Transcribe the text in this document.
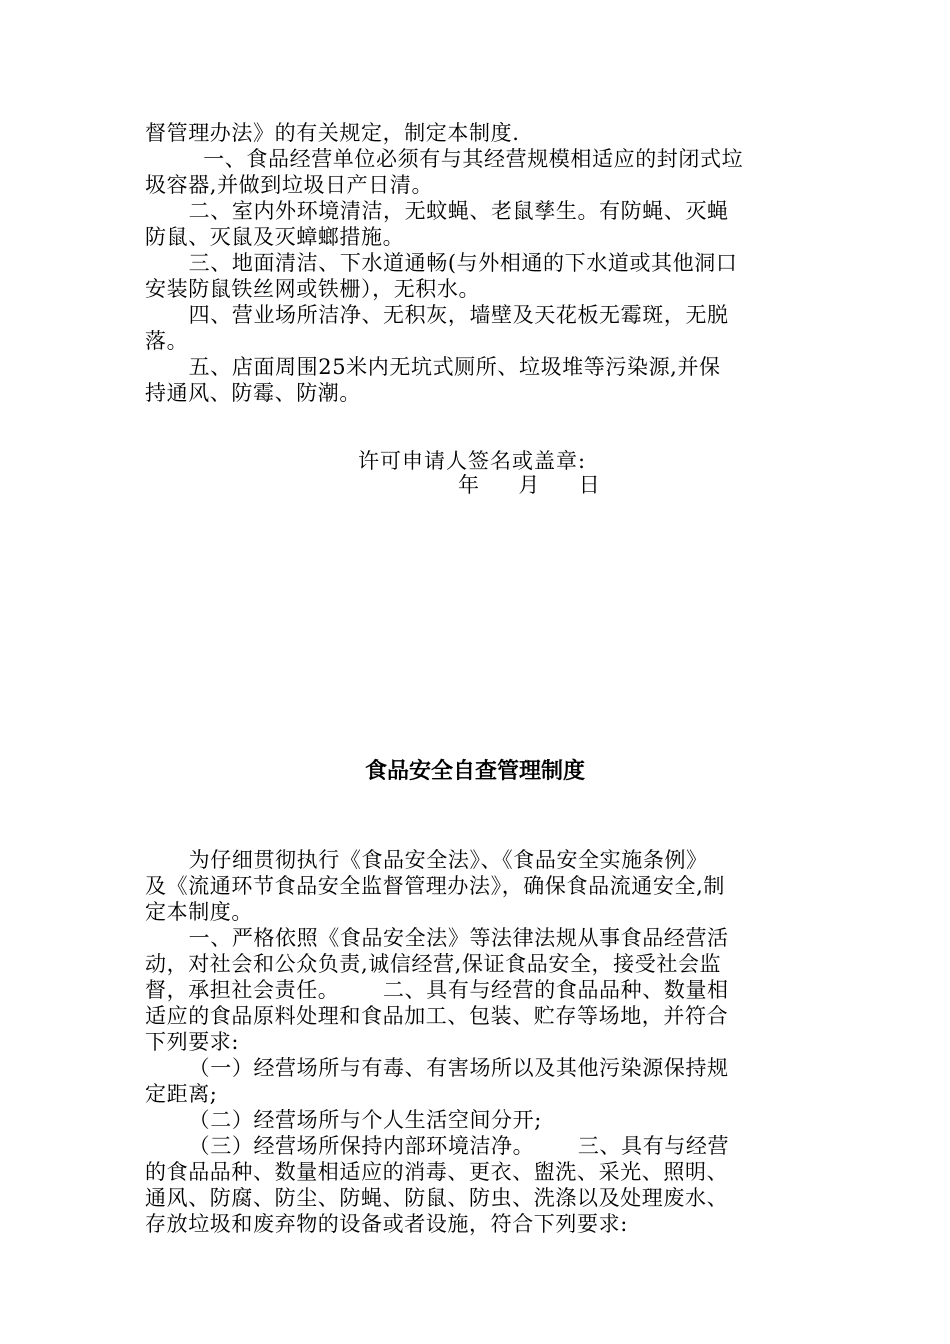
督管理办法》的有关规定，制定本制度.
一、食品经营单位必须有与其经营规模相适应的封闭式垃
圾容器,并做到垃圾日产日清。
二、室内外环境清洁，无蚊蝇、老鼠孳生。有防蝇、灭蝇
防鼠、灭鼠及灭蟑螂措施。
三、地面清洁、下水道通畅(与外相通的下水道或其他洞口
安装防鼠铁丝网或铁栅），无积水。
四、营业场所洁净、无积灰，墙壁及天花板无霉斑，无脱
落。
五、店面周围25米内无坑式厕所、垃圾堆等污染源,并保
持通风、防霉、防潮。
许可申请人签名或盖章:
年     月     日
食品安全自查管理制度
为仔细贯彻执行《食品安全法》、《食品安全实施条例》
及《流通环节食品安全监督管理办法》，确保食品流通安全,制
定本制度。
一、严格依照《食品安全法》等法律法规从事食品经营活
动，对社会和公众负责,诚信经营,保证食品安全，接受社会监
督，承担社会责任。      二、具有与经营的食品品种、数量相
适应的食品原料处理和食品加工、包装、贮存等场地，并符合
下列要求:
（一）经营场所与有毒、有害场所以及其他污染源保持规
定距离;
（二）经营场所与个人生活空间分开;
（三）经营场所保持内部环境洁净。      三、具有与经营
的食品品种、数量相适应的消毒、更衣、盥洗、采光、照明、
通风、防腐、防尘、防蝇、防鼠、防虫、洗涤以及处理废水、
存放垃圾和废弃物的设备或者设施，符合下列要求:
